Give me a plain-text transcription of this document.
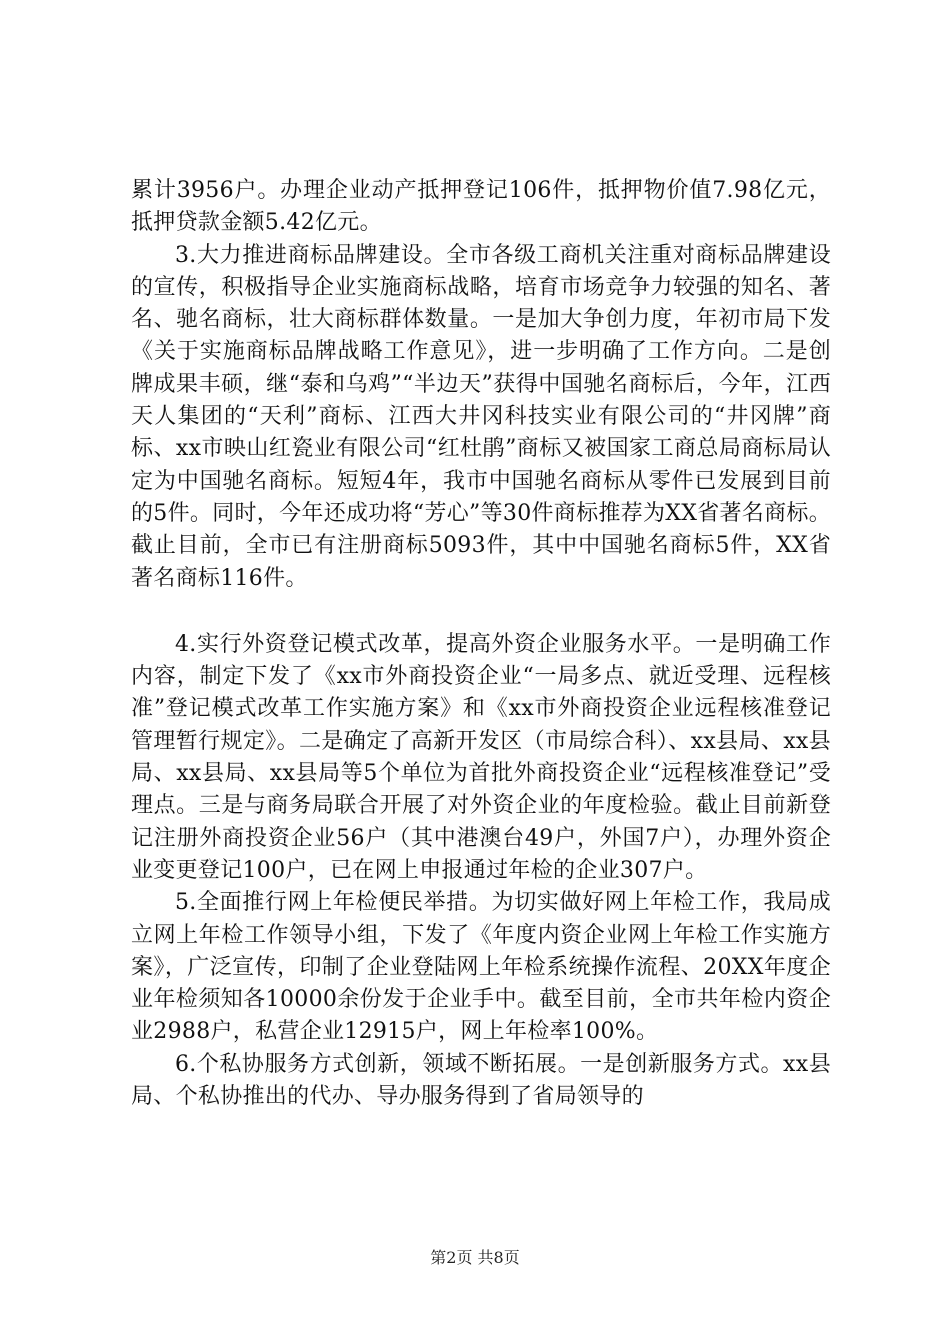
累计3956户。办理企业动产抵押登记106件，抵押物价值7.98亿元，抵押贷款金额5.42亿元。

3.大力推进商标品牌建设。全市各级工商机关注重对商标品牌建设的宣传，积极指导企业实施商标战略，培育市场竞争力较强的知名、著名、驰名商标，壮大商标群体数量。一是加大争创力度，年初市局下发《关于实施商标品牌战略工作意见》，进一步明确了工作方向。二是创牌成果丰硕，继“泰和乌鸡”“半边天”获得中国驰名商标后，今年，江西天人集团的“天利”商标、江西大井冈科技实业有限公司的“井冈牌”商标、xx市映山红瓷业有限公司“红杜鹃”商标又被国家工商总局商标局认定为中国驰名商标。短短4年，我市中国驰名商标从零件已发展到目前的5件。同时，今年还成功将“芳心”等30件商标推荐为XX省著名商标。截止目前，全市已有注册商标5093件，其中中国驰名商标5件，XX省著名商标116件。

4.实行外资登记模式改革，提高外资企业服务水平。一是明确工作内容，制定下发了《xx市外商投资企业“一局多点、就近受理、远程核准”登记模式改革工作实施方案》和《xx市外商投资企业远程核准登记管理暂行规定》。二是确定了高新开发区（市局综合科）、xx县局、xx县局、xx县局、xx县局等5个单位为首批外商投资企业“远程核准登记”受理点。三是与商务局联合开展了对外资企业的年度检验。截止目前新登记注册外商投资企业56户（其中港澳台49户，外国7户），办理外资企业变更登记100户，已在网上申报通过年检的企业307户。

5.全面推行网上年检便民举措。为切实做好网上年检工作，我局成立网上年检工作领导小组，下发了《年度内资企业网上年检工作实施方案》，广泛宣传，印制了企业登陆网上年检系统操作流程、20XX年度企业年检须知各10000余份发于企业手中。截至目前，全市共年检内资企业2988户，私营企业12915户，网上年检率100%。

6.个私协服务方式创新，领域不断拓展。一是创新服务方式。xx县局、个私协推出的代办、导办服务得到了省局领导的

第2页 共8页
